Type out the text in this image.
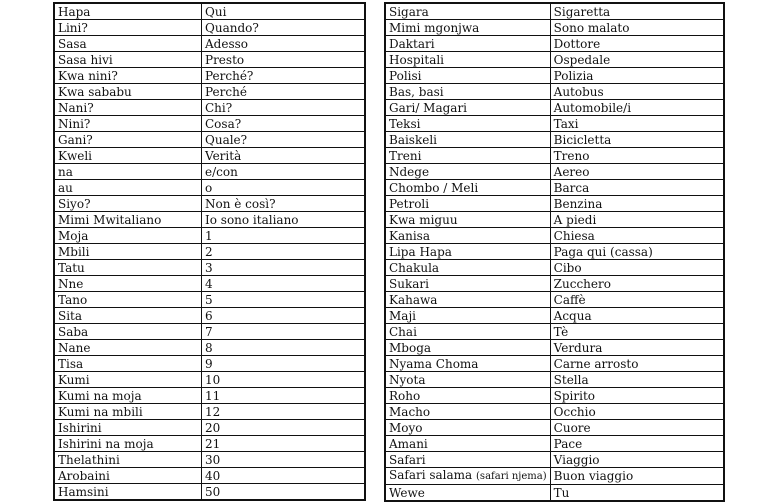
Hapa	Qui
Lini?	Quando?
Sasa	Adesso
Sasa hivi	Presto
Kwa nini?	Perché?
Kwa sababu	Perché
Nani?	Chi?
Nini?	Cosa?
Gani?	Quale?
Kweli	Verità
na	e/con
au	o
Siyo?	Non è così?
Mimi Mwitaliano	Io sono italiano
Moja	1
Mbili	2
Tatu	3
Nne	4
Tano	5
Sita	6
Saba	7
Nane	8
Tisa	9
Kumi	10
Kumi na moja	11
Kumi na mbili	12
Ishirini	20
Ishirini na moja	21
Thelathini	30
Arobaini	40
Hamsini	50
Sigara	Sigaretta
Mimi mgonjwa	Sono malato
Daktari	Dottore
Hospitali	Ospedale
Polisi	Polizia
Bas, basi	Autobus
Gari/ Magari	Automobile/i
Teksi	Taxi
Baiskeli	Bicicletta
Treni	Treno
Ndege	Aereo
Chombo / Meli	Barca
Petroli	Benzina
Kwa miguu	A piedi
Kanisa	Chiesa
Lipa Hapa	Paga qui (cassa)
Chakula	Cibo
Sukari	Zucchero
Kahawa	Caffè
Maji	Acqua
Chai	Tè
Mboga	Verdura
Nyama Choma	Carne arrosto
Nyota	Stella
Roho	Spirito
Macho	Occhio
Moyo	Cuore
Amani	Pace
Safari	Viaggio
Safari salama (safari njema)	Buon viaggio
Wewe	Tu
